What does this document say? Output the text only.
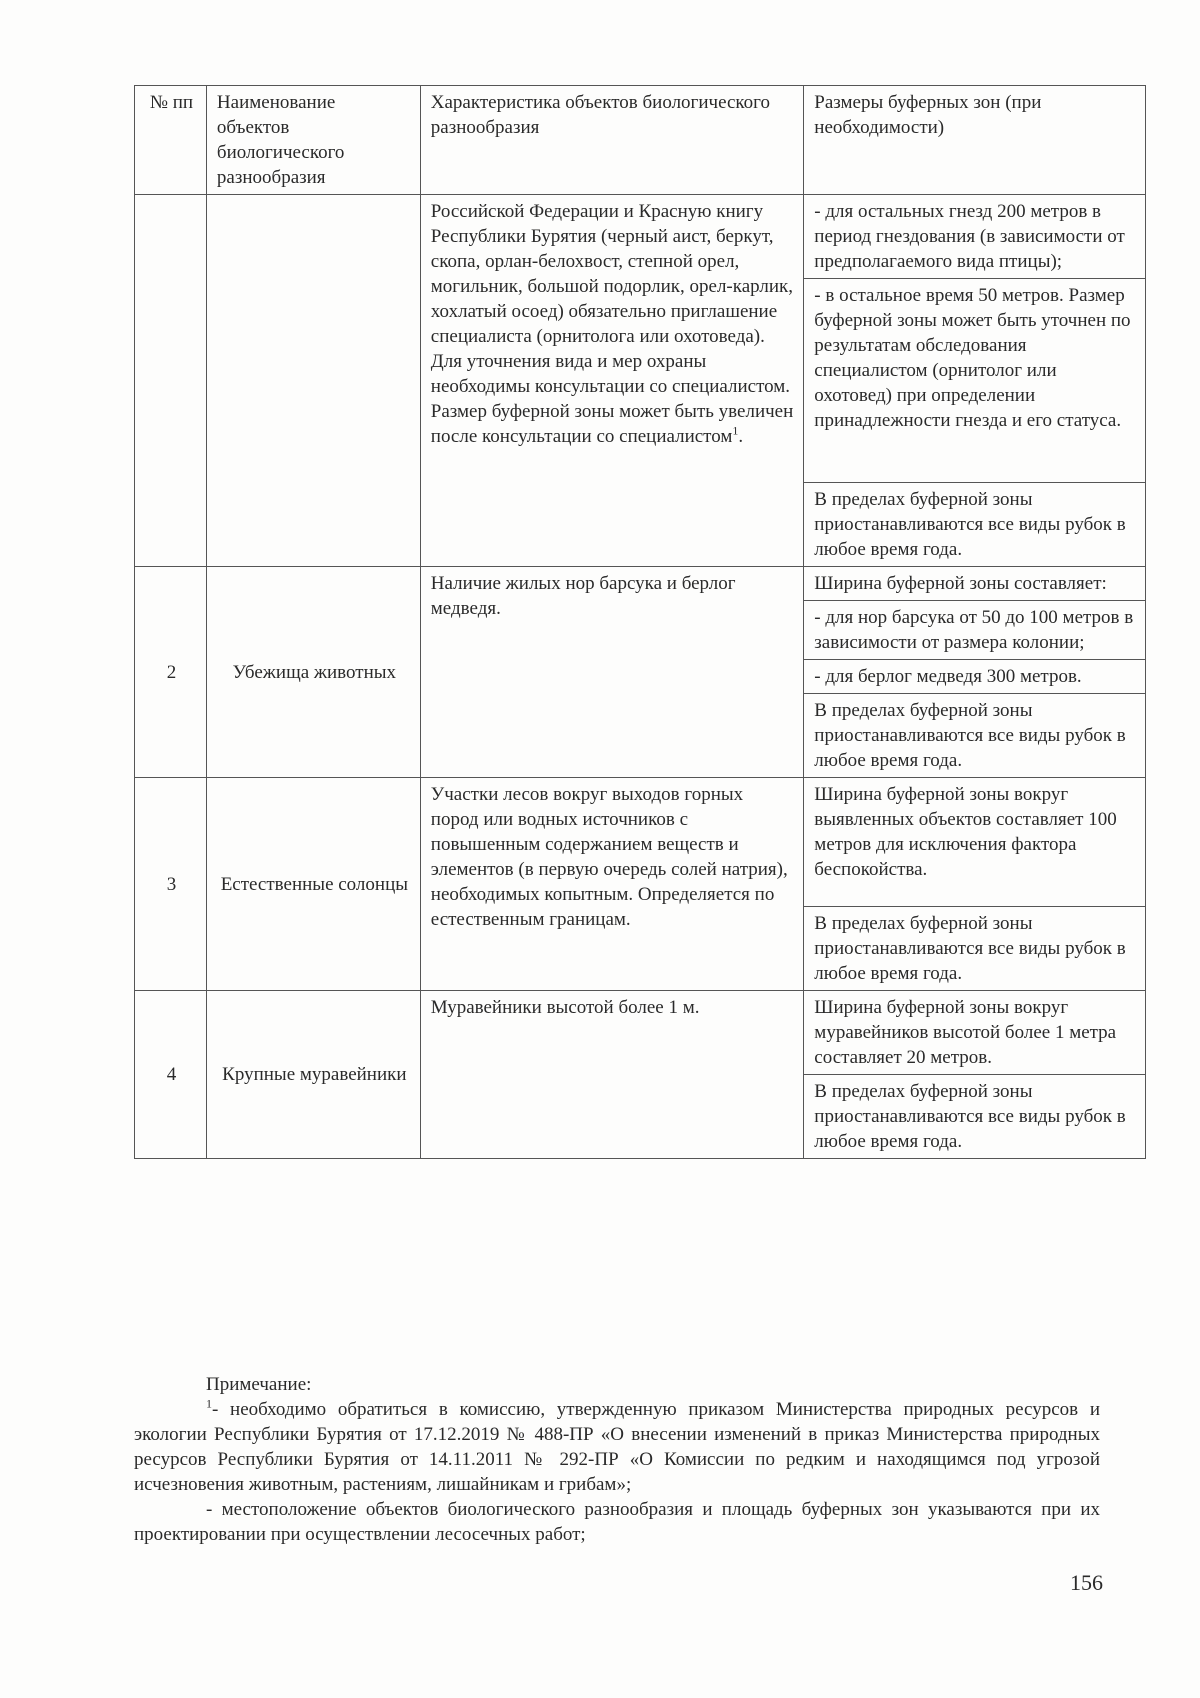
№ пп	Наименование объектов биологического разнообразия	Характеристика объектов биологического разнообразия	Размеры буферных зон (при необходимости)
		Российской Федерации и Красную книгу Республики Бурятия (черный аист, беркут, скопа, орлан-белохвост, степной орел, могильник, большой подорлик, орел-карлик, хохлатый осоед) обязательно приглашение специалиста (орнитолога или охотоведа). Для уточнения вида и мер охраны необходимы консультации со специалистом. Размер буферной зоны может быть увеличен после консультации со специалистом$^1$.	- для остальных гнезд 200 метров в период гнездования (в зависимости от предполагаемого вида птицы);
			- в остальное время 50 метров. Размер буферной зоны может быть уточнен по результатам обследования специалистом (орнитолог или охотовед) при определении принадлежности гнезда и его статуса.
			В пределах буферной зоны приостанавливаются все виды рубок в любое время года.
2	Убежища животных	Наличие жилых нор барсука и берлог медведя.	Ширина буферной зоны составляет:
			- для нор барсука от 50 до 100 метров в зависимости от размера колонии;
			- для берлог медведя 300 метров.
			В пределах буферной зоны приостанавливаются все виды рубок в любое время года.
3	Естественные солонцы	Участки лесов вокруг выходов горных пород или водных источников с повышенным содержанием веществ и элементов (в первую очередь солей натрия), необходимых копытным. Определяется по естественным границам.	Ширина буферной зоны вокруг выявленных объектов составляет 100 метров для исключения фактора беспокойства.
			В пределах буферной зоны приостанавливаются все виды рубок в любое время года.
4	Крупные муравейники	Муравейники высотой более 1 м.	Ширина буферной зоны вокруг муравейников высотой более 1 метра составляет 20 метров.
			В пределах буферной зоны приостанавливаются все виды рубок в любое время года.

Примечание:

$^1$- необходимо обратиться в комиссию, утвержденную приказом Министерства природных ресурсов и экологии Республики Бурятия от 17.12.2019 № 488-ПР «О внесении изменений в приказ Министерства природных ресурсов Республики Бурятия от 14.11.2011 № 292-ПР «О Комиссии по редким и находящимся под угрозой исчезновения животным, растениям, лишайникам и грибам»;

- местоположение объектов биологического разнообразия и площадь буферных зон указываются при их проектировании при осуществлении лесосечных работ;

156
